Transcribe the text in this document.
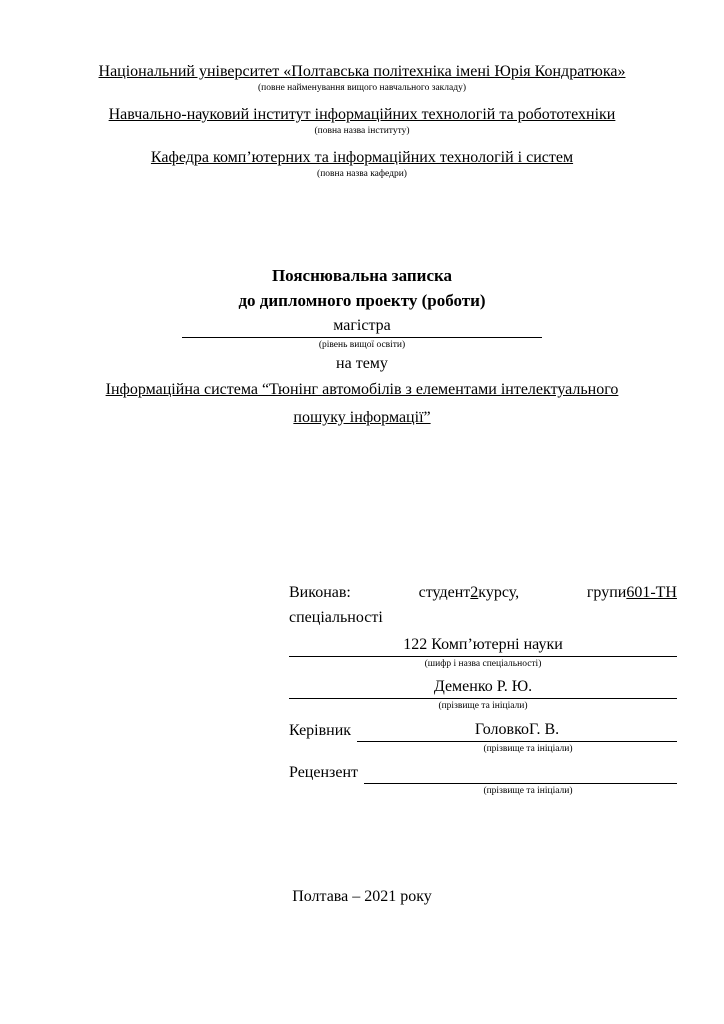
Національний університет «Полтавська політехніка імені Юрія Кондратюка»
(повне найменування вищого навчального закладу)
Навчально-науковий інститут інформаційних технологій та робототехніки
(повна назва інституту)
Кафедра комп’ютерних та інформаційних технологій і систем
(повна назва кафедри)
Пояснювальна записка
до дипломного проекту (роботи)
магістра
(рівень вищої освіти)
на тему
Інформаційна система “Тюнінг автомобілів з елементами інтелектуального
пошуку інформації”
Виконав:	студент2курсу,	групи601-ТН
спеціальності
122 Комп’ютерні науки
(шифр і назва спеціальності)
Деменко Р. Ю.
(прізвище та ініціали)
Керівник	ГоловкоГ. В.
(прізвище та ініціали)
Рецензент
(прізвище та ініціали)
Полтава – 2021 року
